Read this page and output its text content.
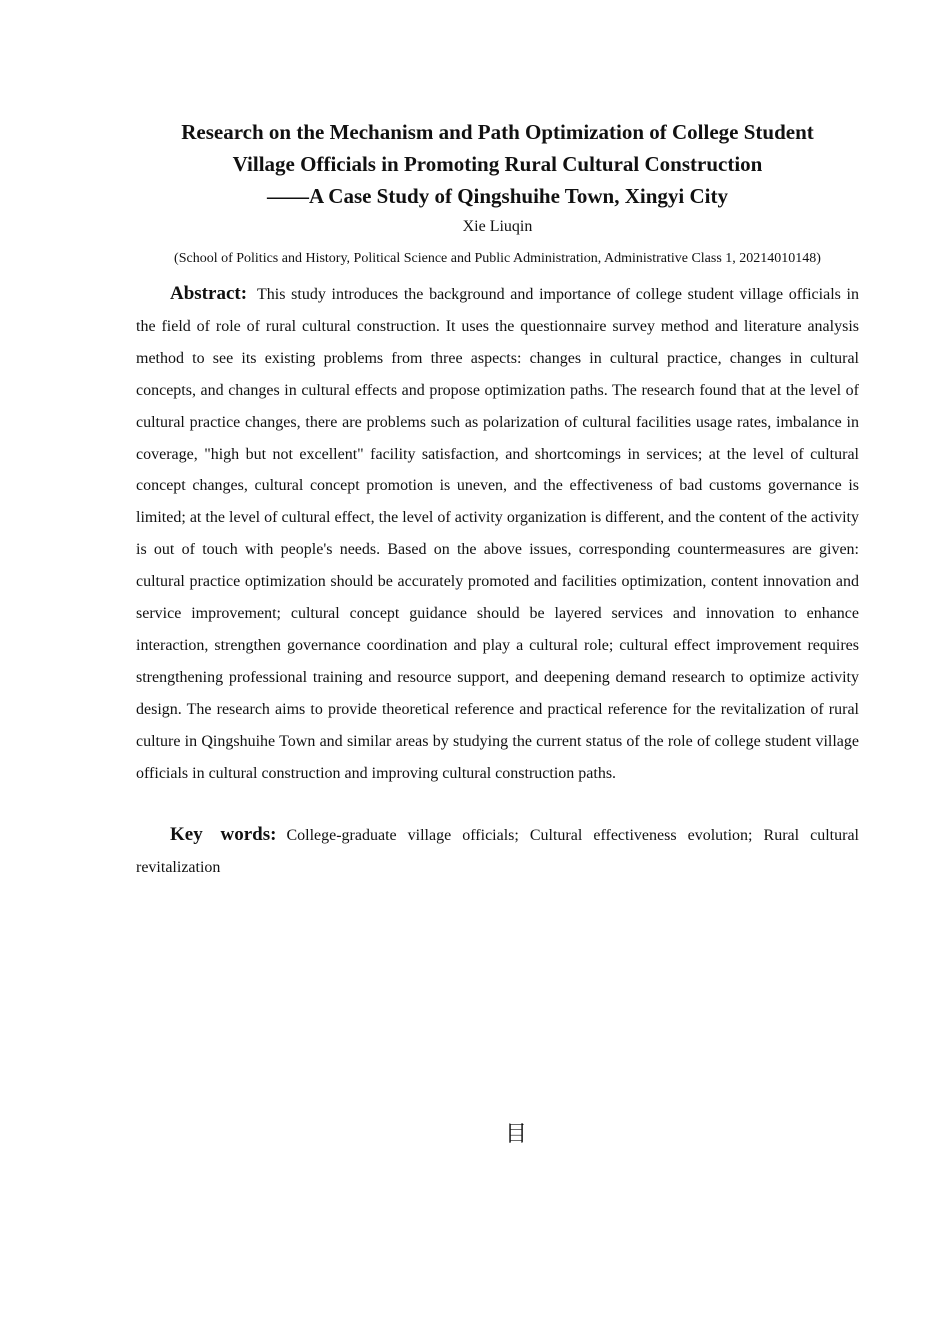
Research on the Mechanism and Path Optimization of College Student
Village Officials in Promoting Rural Cultural Construction
——A Case Study of Qingshuihe Town, Xingyi City

Xie Liuqin

(School of Politics and History, Political Science and Public Administration, Administrative Class 1, 20214010148)

Abstract: This study introduces the background and importance of college student village officials in the field of role of rural cultural construction. It uses the questionnaire survey method and literature analysis method to see its existing problems from three aspects: changes in cultural practice, changes in cultural concepts, and changes in cultural effects and propose optimization paths. The research found that at the level of cultural practice changes, there are problems such as polarization of cultural facilities usage rates, imbalance in coverage, "high but not excellent" facility satisfaction, and shortcomings in services; at the level of cultural concept changes, cultural concept promotion is uneven, and the effectiveness of bad customs governance is limited; at the level of cultural effect, the level of activity organization is different, and the content of the activity is out of touch with people's needs. Based on the above issues, corresponding countermeasures are given: cultural practice optimization should be accurately promoted and facilities optimization, content innovation and service improvement; cultural concept guidance should be layered services and innovation to enhance interaction, strengthen governance coordination and play a cultural role; cultural effect improvement requires strengthening professional training and resource support, and deepening demand research to optimize activity design. The research aims to provide theoretical reference and practical reference for the revitalization of rural culture in Qingshuihe Town and similar areas by studying the current status of the role of college student village officials in cultural construction and improving cultural construction paths.

Key words: College-graduate village officials; Cultural effectiveness evolution; Rural cultural revitalization

目
